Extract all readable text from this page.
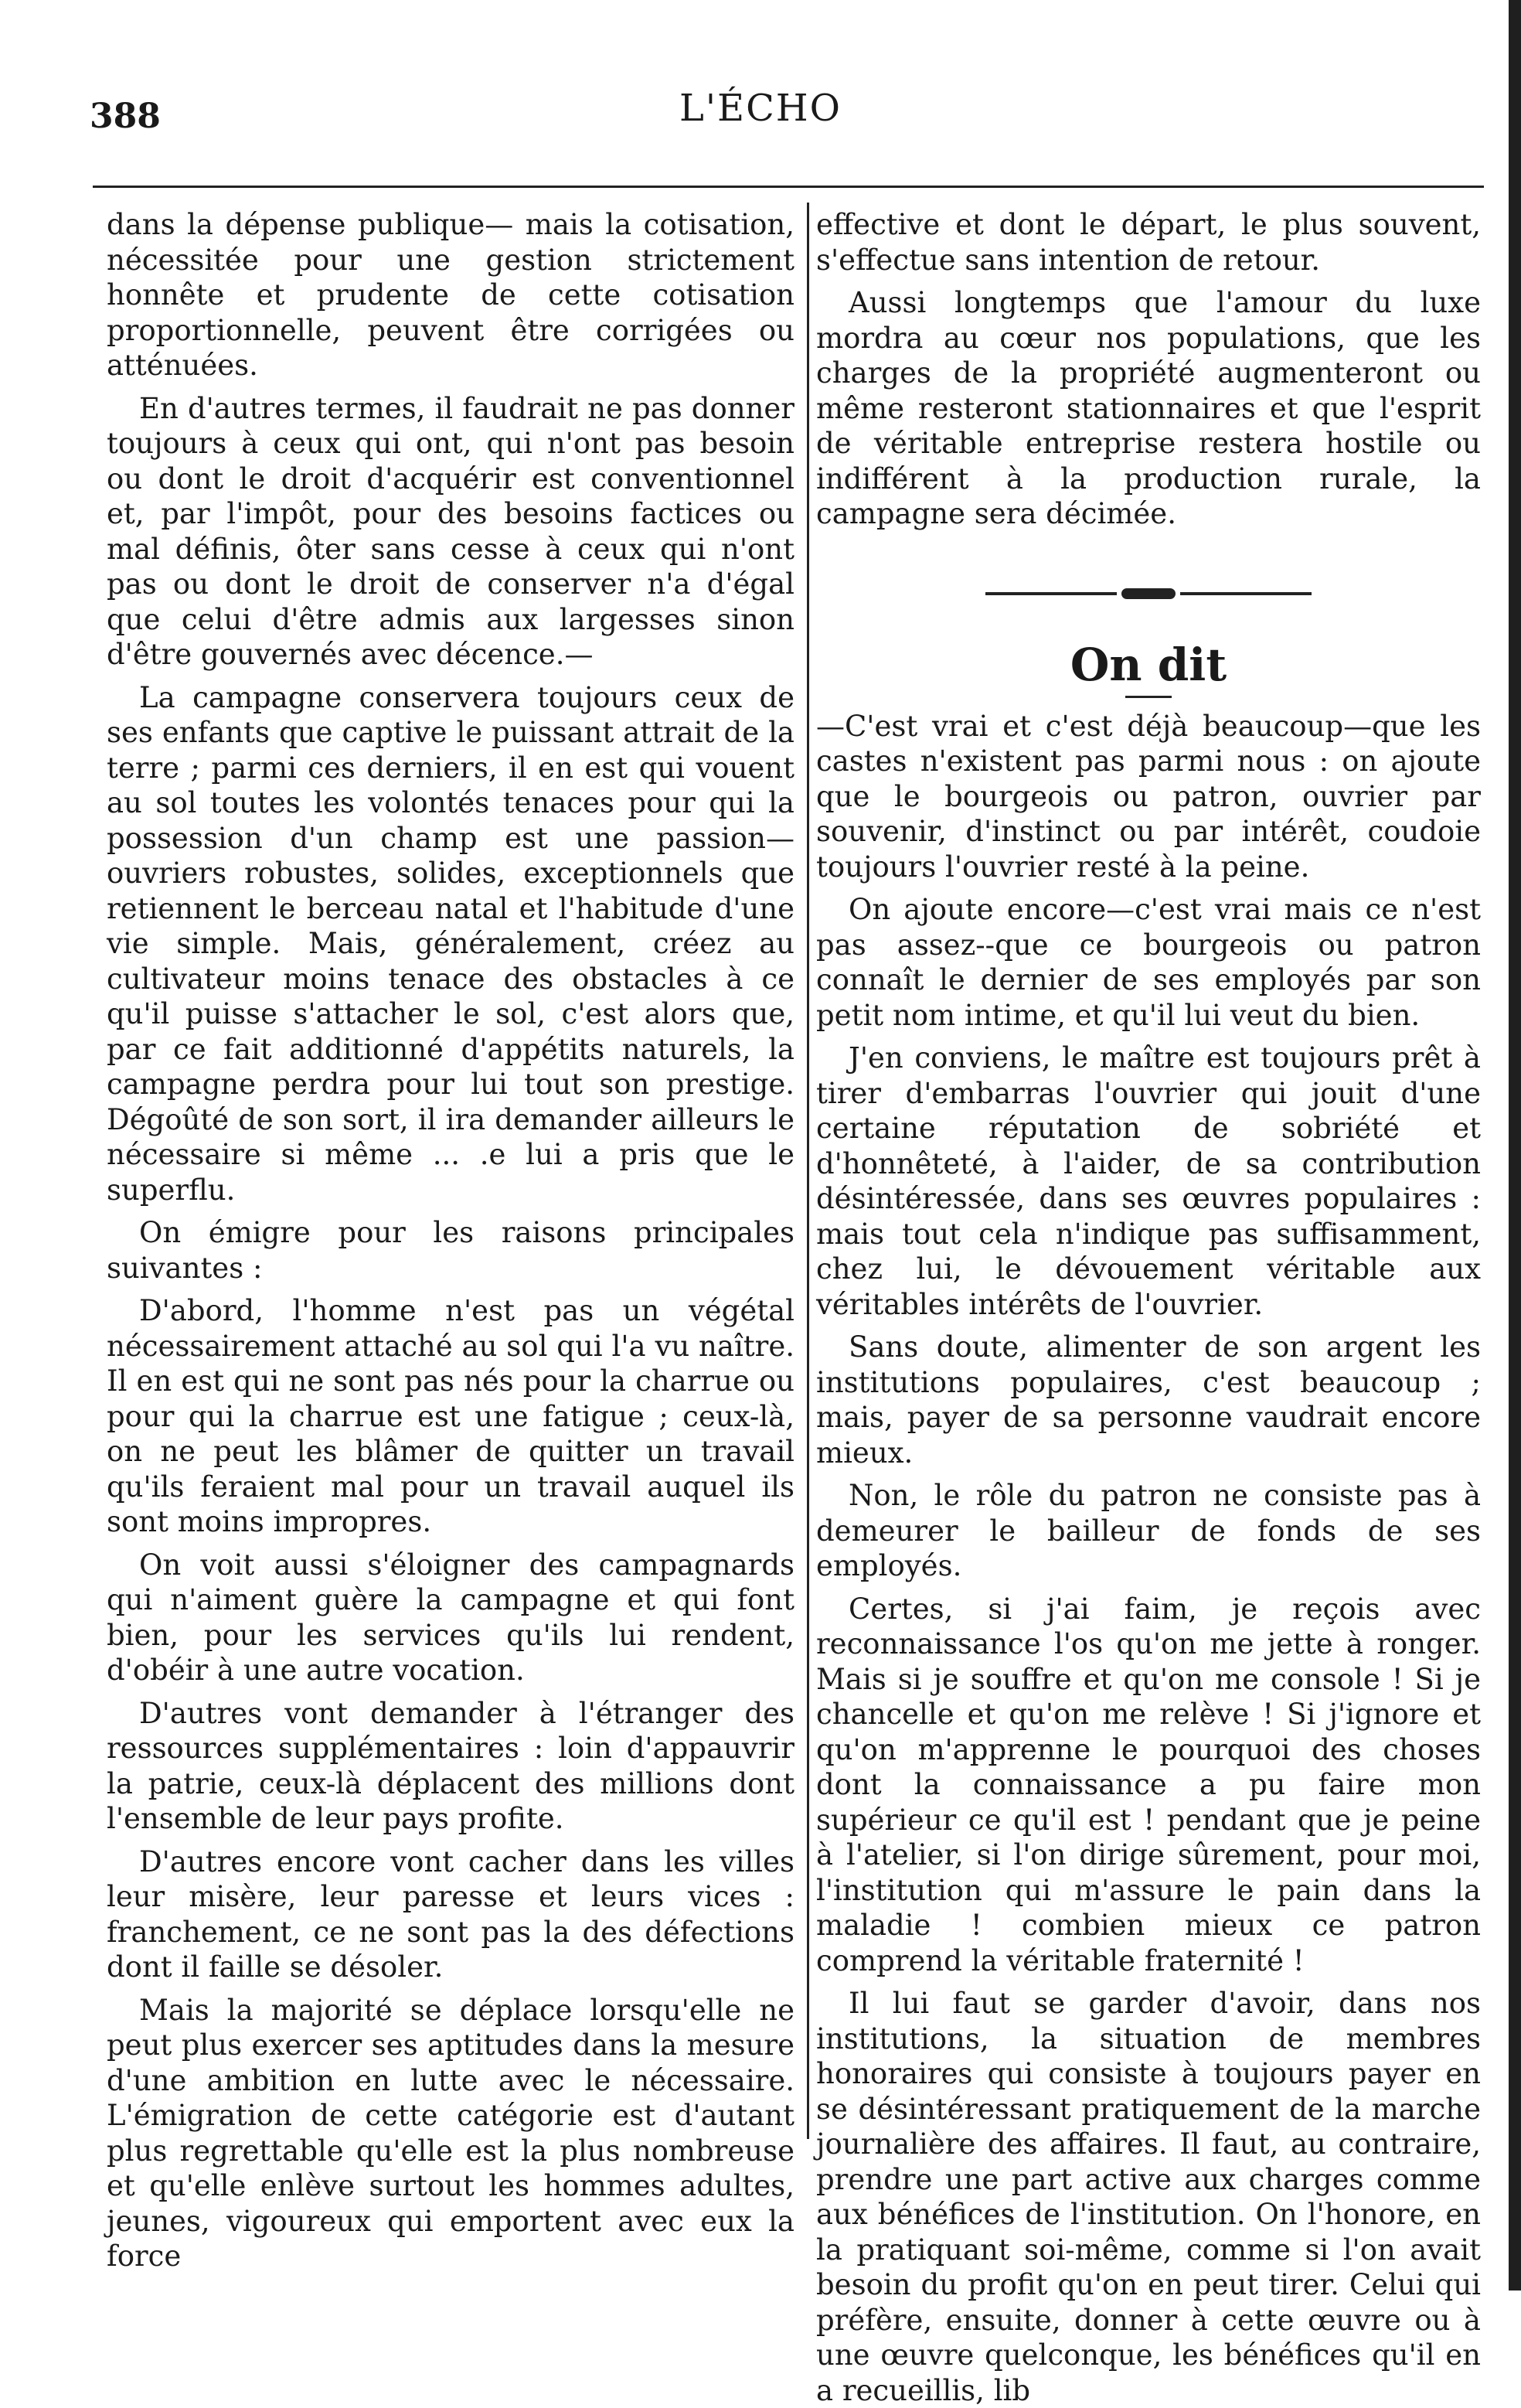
388	L'ÉCHO

dans la dépense publique— mais la cotisation, nécessitée pour une gestion strictement honnête et prudente de cette cotisation proportionnelle, peuvent être corrigées ou atténuées.

En d'autres termes, il faudrait ne pas donner toujours à ceux qui ont, qui n'ont pas besoin ou dont le droit d'acquérir est conventionnel et, par l'impôt, pour des besoins factices ou mal définis, ôter sans cesse à ceux qui n'ont pas ou dont le droit de conserver n'a d'égal que celui d'être admis aux largesses sinon d'être gouvernés avec décence.—

La campagne conservera toujours ceux de ses enfants que captive le puissant attrait de la terre ; parmi ces derniers, il en est qui vouent au sol toutes les volontés tenaces pour qui la possession d'un champ est une passion—ouvriers robustes, solides, exceptionnels que retiennent le berceau natal et l'habitude d'une vie simple. Mais, généralement, créez au cultivateur moins tenace des obstacles à ce qu'il puisse s'attacher le sol, c'est alors que, par ce fait additionné d'appétits naturels, la campagne perdra pour lui tout son prestige. Dégoûté de son sort, il ira demander ailleurs le nécessaire si même ... .e lui a pris que le superflu.

On émigre pour les raisons principales suivantes :

D'abord, l'homme n'est pas un végétal nécessairement attaché au sol qui l'a vu naître. Il en est qui ne sont pas nés pour la charrue ou pour qui la charrue est une fatigue ; ceux-là, on ne peut les blâmer de quitter un travail qu'ils feraient mal pour un travail auquel ils sont moins impropres.

On voit aussi s'éloigner des campagnards qui n'aiment guère la campagne et qui font bien, pour les services qu'ils lui rendent, d'obéir à une autre vocation.

D'autres vont demander à l'étranger des ressources supplémentaires : loin d'appauvrir la patrie, ceux-là déplacent des millions dont l'ensemble de leur pays profite.

D'autres encore vont cacher dans les villes leur misère, leur paresse et leurs vices : franchement, ce ne sont pas la des défections dont il faille se désoler.

Mais la majorité se déplace lorsqu'elle ne peut plus exercer ses aptitudes dans la mesure d'une ambition en lutte avec le nécessaire. L'émigration de cette catégorie est d'autant plus regrettable qu'elle est la plus nombreuse et qu'elle enlève surtout les hommes adultes, jeunes, vigoureux qui emportent avec eux la force

effective et dont le départ, le plus souvent, s'effectue sans intention de retour.

Aussi longtemps que l'amour du luxe mordra au cœur nos populations, que les charges de la propriété augmenteront ou même resteront stationnaires et que l'esprit de véritable entreprise restera hostile ou indifférent à la production rurale, la campagne sera décimée.

On dit

—C'est vrai et c'est déjà beaucoup—que les castes n'existent pas parmi nous : on ajoute que le bourgeois ou patron, ouvrier par souvenir, d'instinct ou par intérêt, coudoie toujours l'ouvrier resté à la peine.

On ajoute encore—c'est vrai mais ce n'est pas assez--que ce bourgeois ou patron connaît le dernier de ses employés par son petit nom intime, et qu'il lui veut du bien.

J'en conviens, le maître est toujours prêt à tirer d'embarras l'ouvrier qui jouit d'une certaine réputation de sobriété et d'honnêteté, à l'aider, de sa contribution désintéressée, dans ses œuvres populaires : mais tout cela n'indique pas suffisamment, chez lui, le dévouement véritable aux véritables intérêts de l'ouvrier.

Sans doute, alimenter de son argent les institutions populaires, c'est beaucoup ; mais, payer de sa personne vaudrait encore mieux.

Non, le rôle du patron ne consiste pas à demeurer le bailleur de fonds de ses employés.

Certes, si j'ai faim, je reçois avec reconnaissance l'os qu'on me jette à ronger. Mais si je souffre et qu'on me console ! Si je chancelle et qu'on me relève ! Si j'ignore et qu'on m'apprenne le pourquoi des choses dont la connaissance a pu faire mon supérieur ce qu'il est ! pendant que je peine à l'atelier, si l'on dirige sûrement, pour moi, l'institution qui m'assure le pain dans la maladie ! combien mieux ce patron comprend la véritable fraternité !

Il lui faut se garder d'avoir, dans nos institutions, la situation de membres honoraires qui consiste à toujours payer en se désintéressant pratiquement de la marche journalière des affaires. Il faut, au contraire, prendre une part active aux charges comme aux bénéfices de l'institution. On l'honore, en la pratiquant soi-même, comme si l'on avait besoin du profit qu'on en peut tirer. Celui qui préfère, ensuite, donner à cette œuvre ou à une œuvre quelconque, les bénéfices qu'il en a recueillis, lib
